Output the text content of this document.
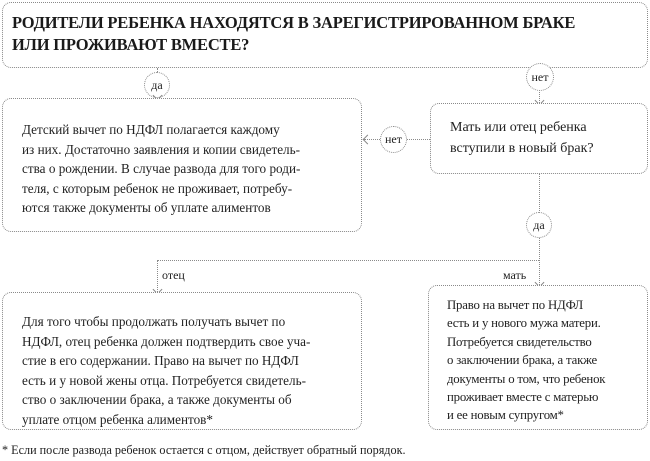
РОДИТЕЛИ РЕБЕНКА НАХОДЯТСЯ В ЗАРЕГИСТРИРОВАННОМ БРАКЕ
ИЛИ ПРОЖИВАЮТ ВМЕСТЕ?
да
нет
Детский вычет по НДФЛ полагается каждому
из них. Достаточно заявления и копии свидетель-
ства о рождении. В случае развода для того роди-
теля, с которым ребенок не проживает, потребу-
ются также документы об уплате алиментов
Мать или отец ребенка
вступили в новый брак?
нет
да
отец	мать
Для того чтобы продолжать получать вычет по
НДФЛ, отец ребенка должен подтвердить свое уча-
стие в его содержании. Право на вычет по НДФЛ
есть и у новой жены отца. Потребуется свидетель-
ство о заключении брака, а также документы об
уплате отцом ребенка алиментов*
Право на вычет по НДФЛ
есть и у нового мужа матери.
Потребуется свидетельство
о заключении брака, а также
документы о том, что ребенок
проживает вместе с матерью
и ее новым супругом*
* Если после развода ребенок остается с отцом, действует обратный порядок.
